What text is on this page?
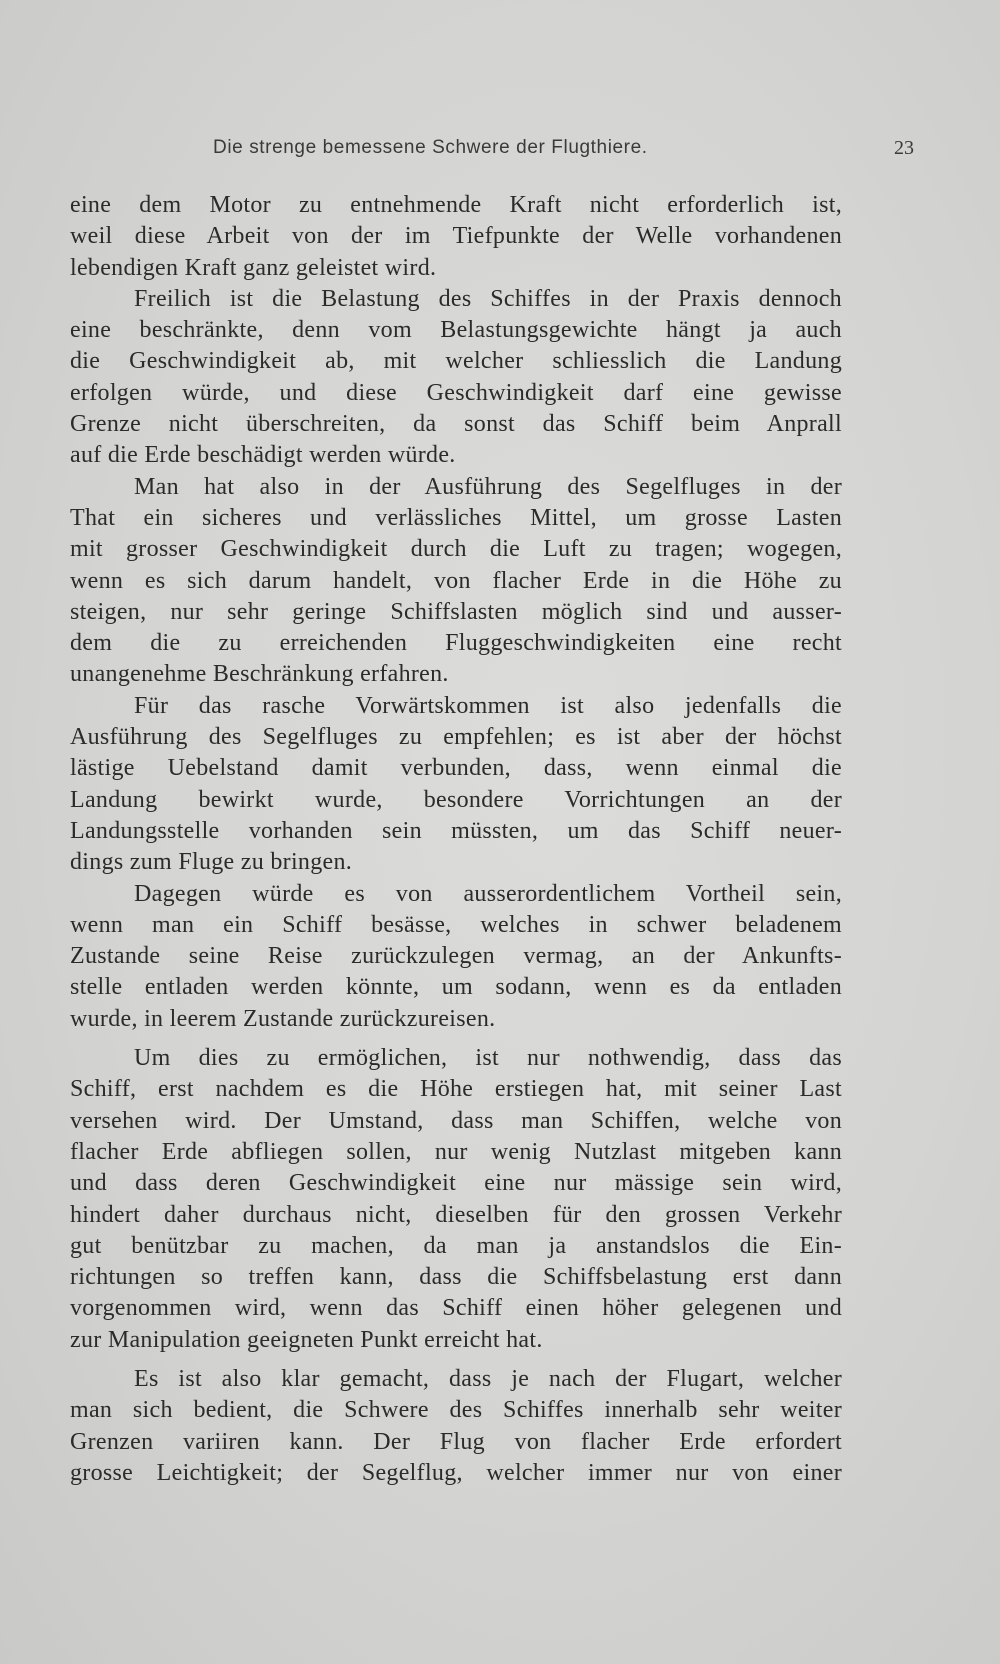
Die strenge bemessene Schwere der Flugthiere.	23
eine dem Motor zu entnehmende Kraft nicht erforderlich ist,
weil diese Arbeit von der im Tiefpunkte der Welle vorhandenen
lebendigen Kraft ganz geleistet wird.
Freilich ist die Belastung des Schiffes in der Praxis dennoch
eine beschränkte, denn vom Belastungsgewichte hängt ja auch
die Geschwindigkeit ab, mit welcher schliesslich die Landung
erfolgen würde, und diese Geschwindigkeit darf eine gewisse
Grenze nicht überschreiten, da sonst das Schiff beim Anprall
auf die Erde beschädigt werden würde.
Man hat also in der Ausführung des Segelfluges in der
That ein sicheres und verlässliches Mittel, um grosse Lasten
mit grosser Geschwindigkeit durch die Luft zu tragen; wogegen,
wenn es sich darum handelt, von flacher Erde in die Höhe zu
steigen, nur sehr geringe Schiffslasten möglich sind und ausser-
dem die zu erreichenden Fluggeschwindigkeiten eine recht
unangenehme Beschränkung erfahren.
Für das rasche Vorwärtskommen ist also jedenfalls die
Ausführung des Segelfluges zu empfehlen; es ist aber der höchst
lästige Uebelstand damit verbunden, dass, wenn einmal die
Landung bewirkt wurde, besondere Vorrichtungen an der
Landungsstelle vorhanden sein müssten, um das Schiff neuer-
dings zum Fluge zu bringen.
Dagegen würde es von ausserordentlichem Vortheil sein,
wenn man ein Schiff besässe, welches in schwer beladenem
Zustande seine Reise zurückzulegen vermag, an der Ankunfts-
stelle entladen werden könnte, um sodann, wenn es da entladen
wurde, in leerem Zustande zurückzureisen.
Um dies zu ermöglichen, ist nur nothwendig, dass das
Schiff, erst nachdem es die Höhe erstiegen hat, mit seiner Last
versehen wird. Der Umstand, dass man Schiffen, welche von
flacher Erde abfliegen sollen, nur wenig Nutzlast mitgeben kann
und dass deren Geschwindigkeit eine nur mässige sein wird,
hindert daher durchaus nicht, dieselben für den grossen Verkehr
gut benützbar zu machen, da man ja anstandslos die Ein-
richtungen so treffen kann, dass die Schiffsbelastung erst dann
vorgenommen wird, wenn das Schiff einen höher gelegenen und
zur Manipulation geeigneten Punkt erreicht hat.
Es ist also klar gemacht, dass je nach der Flugart, welcher
man sich bedient, die Schwere des Schiffes innerhalb sehr weiter
Grenzen variiren kann. Der Flug von flacher Erde erfordert
grosse Leichtigkeit; der Segelflug, welcher immer nur von einer
